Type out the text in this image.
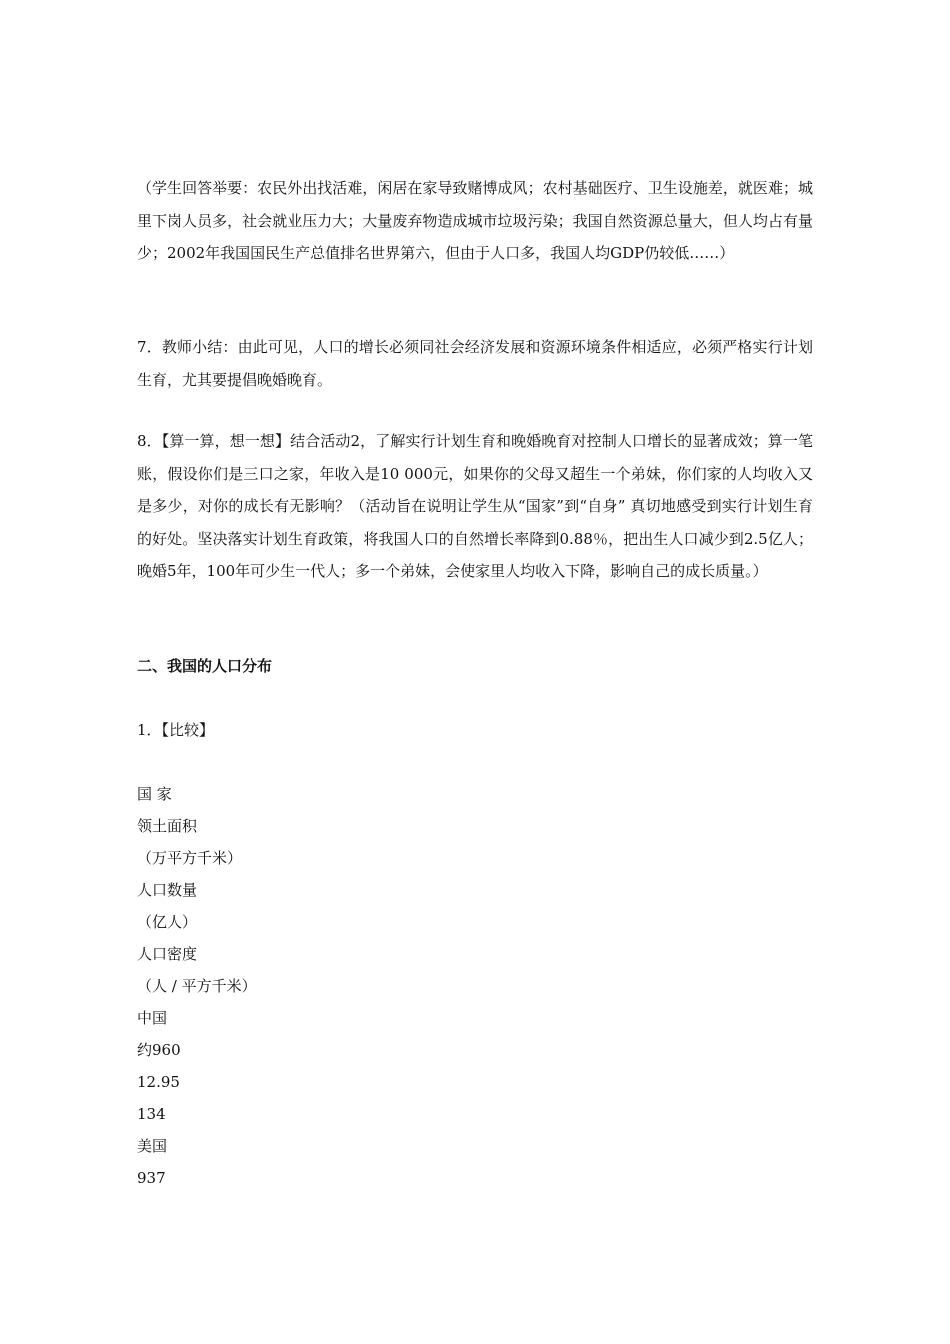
（学生回答举要：农民外出找活难，闲居在家导致赌博成风；农村基础医疗、卫生设施差，就医难；城里下岗人员多，社会就业压力大；大量废弃物造成城市垃圾污染；我国自然资源总量大，但人均占有量少；2002年我国国民生产总值排名世界第六，但由于人口多，我国人均GDP仍较低……）

7．教师小结：由此可见，人口的增长必须同社会经济发展和资源环境条件相适应，必须严格实行计划生育，尤其要提倡晚婚晚育。

8．【算一算，想一想】结合活动2，了解实行计划生育和晚婚晚育对控制人口增长的显著成效；算一笔账，假设你们是三口之家，年收入是10 000元，如果你的父母又超生一个弟妹，你们家的人均收入又是多少，对你的成长有无影响？（活动旨在说明让学生从“国家”到“自身” 真切地感受到实行计划生育的好处。坚决落实计划生育政策，将我国人口的自然增长率降到0.88％，把出生人口减少到2.5亿人；晚婚5年，100年可少生一代人；多一个弟妹，会使家里人均收入下降，影响自己的成长质量。）

二、我国的人口分布

1．【比较】

国 家

领土面积

（万平方千米）

人口数量

（亿人）

人口密度

（人 / 平方千米）

中国

约960

12.95

134

美国

937
